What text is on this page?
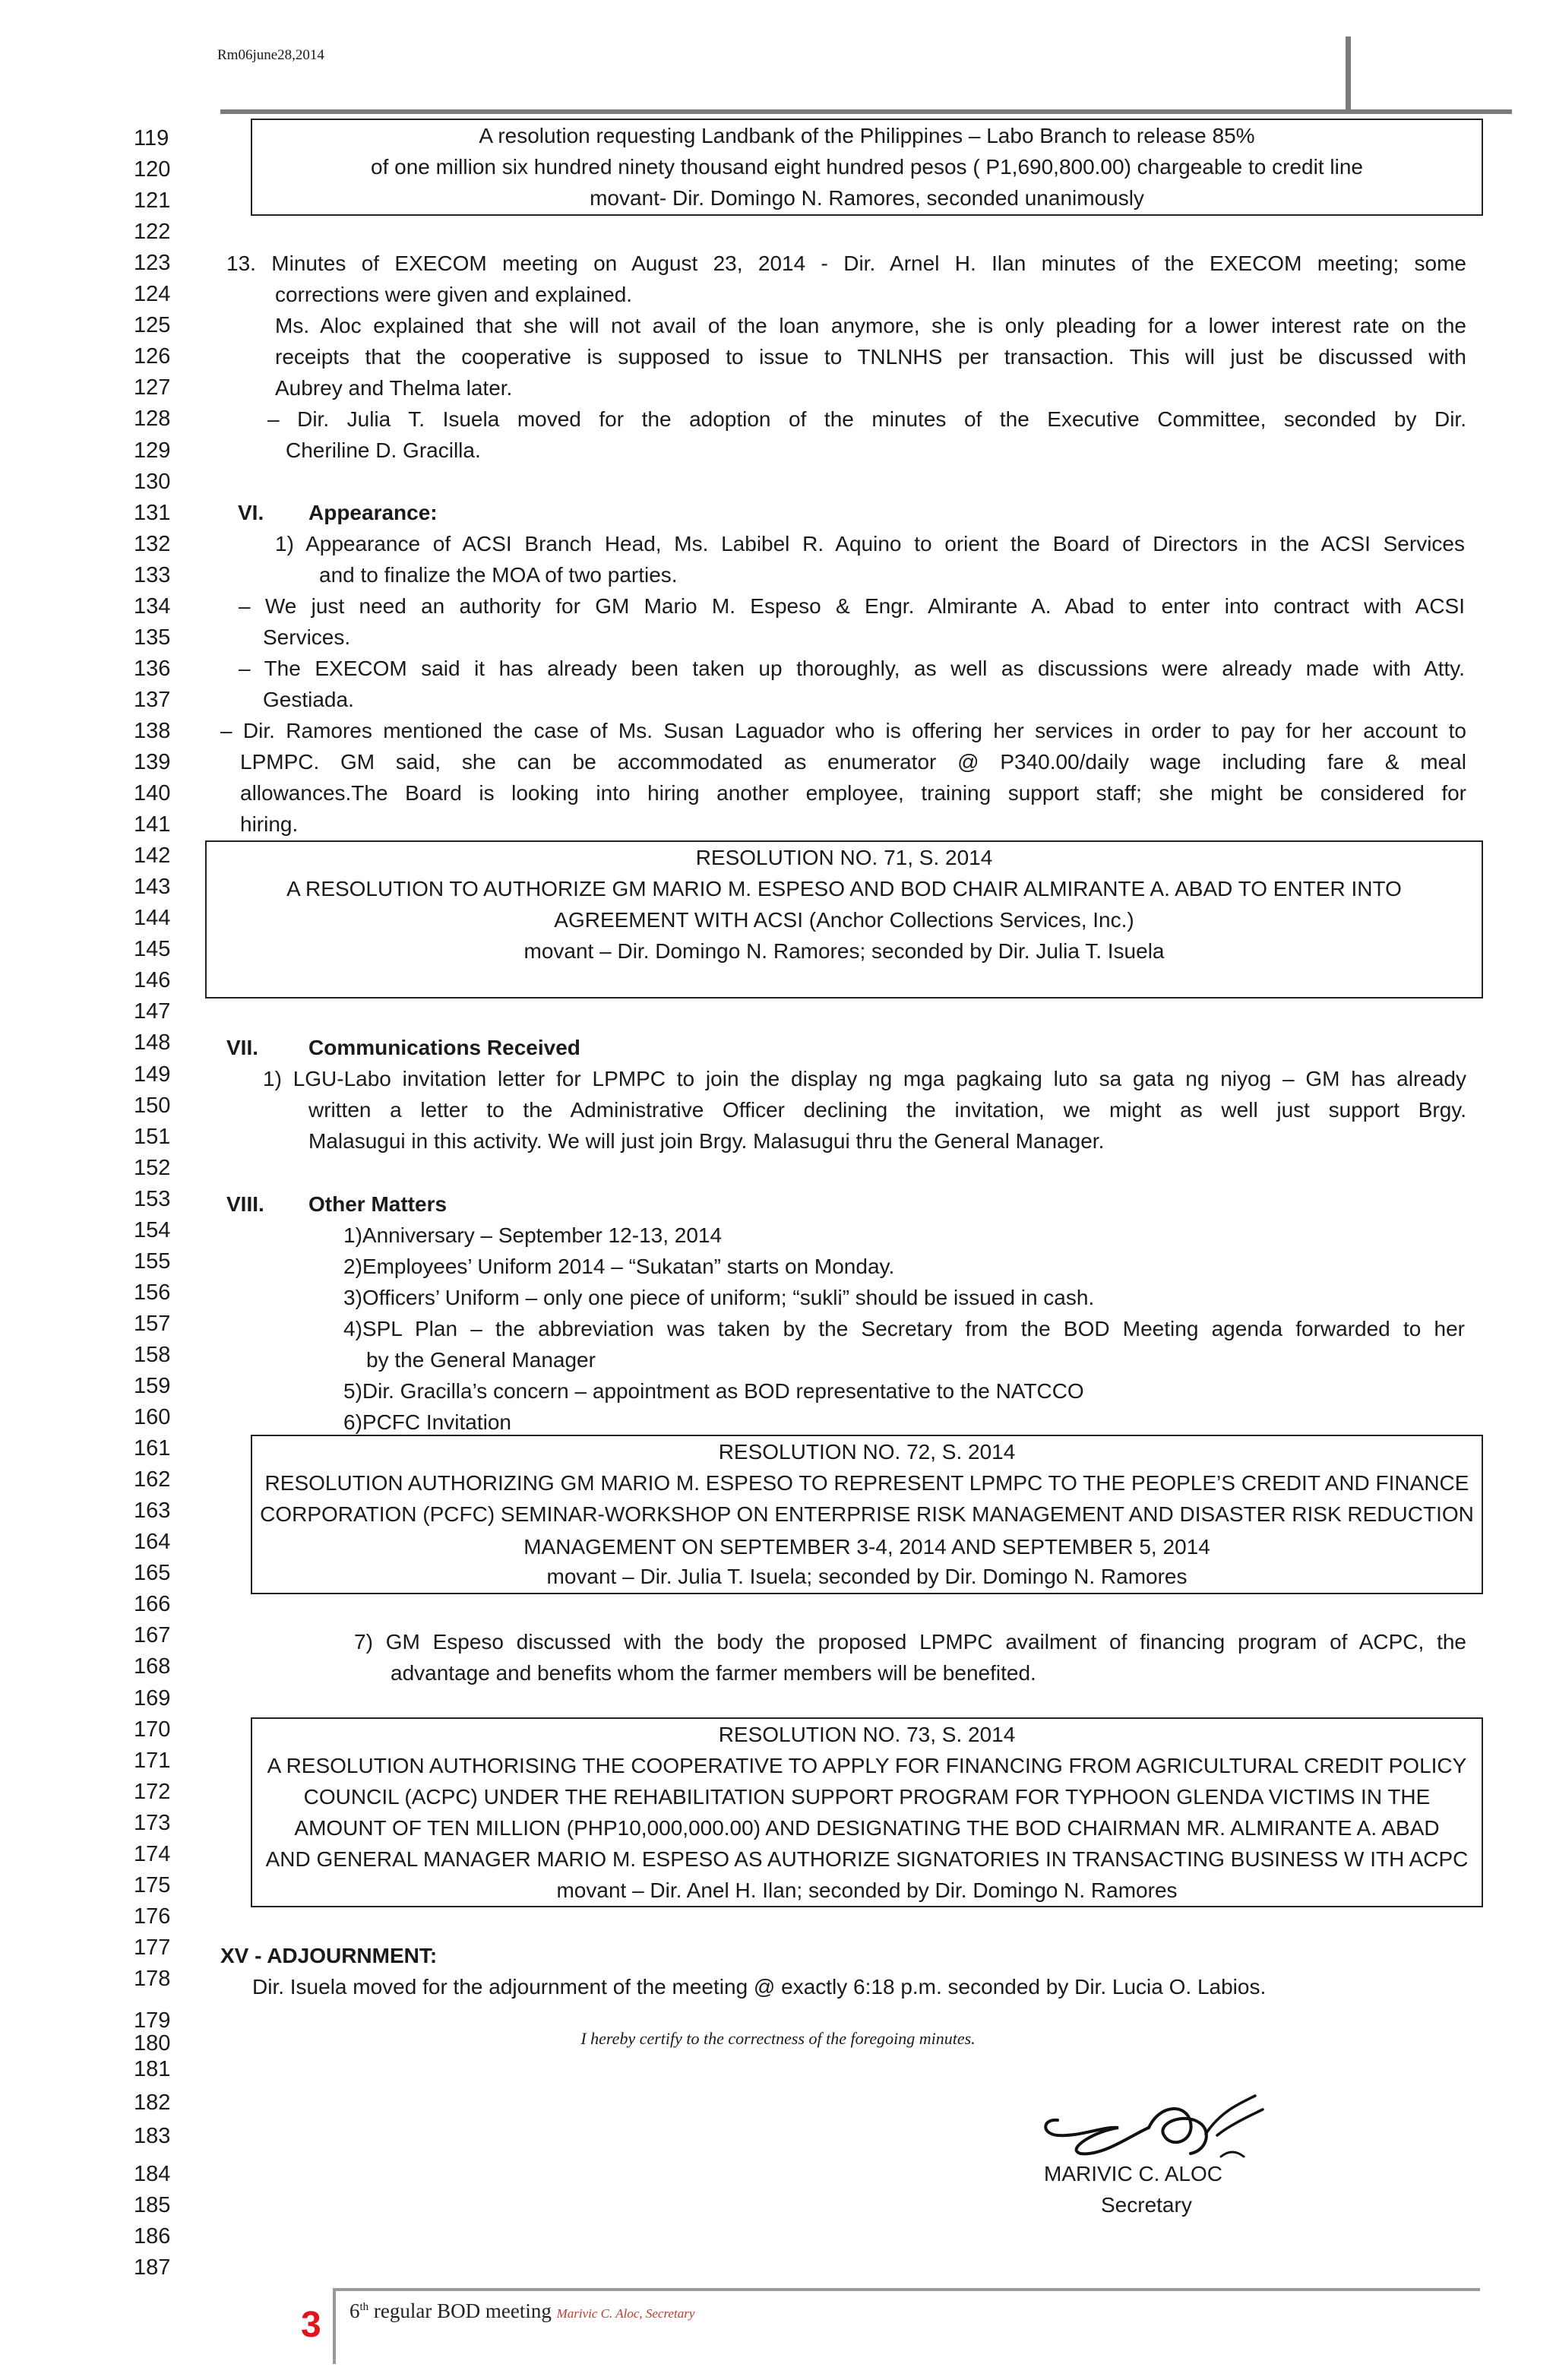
Rm06june28,2014
119
120
121
122
123
124
125
126
127
128
129
130
131
132
133
134
135
136
137
138
139
140
141
142
143
144
145
146
147
148
149
150
151
152
153
154
155
156
157
158
159
160
161
162
163
164
165
166
167
168
169
170
171
172
173
174
175
176
177
178
179
180
181
182
183
184
185
186
187
A resolution requesting Landbank of the Philippines – Labo Branch to release 85%
of one million six hundred ninety thousand eight hundred pesos ( P1,690,800.00) chargeable to credit line
movant- Dir. Domingo N. Ramores, seconded unanimously
13. Minutes of EXECOM meeting on August 23, 2014 - Dir. Arnel H. Ilan minutes of the EXECOM meeting; some
corrections were given and explained.
Ms. Aloc explained that she will not avail of the loan anymore, she is only pleading for a lower interest rate on the
receipts that the cooperative is supposed to issue to TNLNHS per transaction. This will just be discussed with
Aubrey and Thelma later.
– Dir. Julia T. Isuela moved for the adoption of the minutes of the Executive Committee, seconded by Dir.
Cheriline D. Gracilla.
VI. Appearance:
1) Appearance of ACSI Branch Head, Ms. Labibel R. Aquino to orient the Board of Directors in the ACSI Services
and to finalize the MOA of two parties.
– We just need an authority for GM Mario M. Espeso & Engr. Almirante A. Abad to enter into contract with ACSI
Services.
– The EXECOM said it has already been taken up thoroughly, as well as discussions were already made with Atty.
Gestiada.
– Dir. Ramores mentioned the case of Ms. Susan Laguador who is offering her services in order to pay for her account to
LPMPC. GM said, she can be accommodated as enumerator @ P340.00/daily wage including fare & meal
allowances.The Board is looking into hiring another employee, training support staff; she might be considered for
hiring.
RESOLUTION NO. 71, S. 2014
A RESOLUTION TO AUTHORIZE GM MARIO M. ESPESO AND BOD CHAIR ALMIRANTE A. ABAD TO ENTER INTO
AGREEMENT WITH ACSI (Anchor Collections Services, Inc.)
movant – Dir. Domingo N. Ramores; seconded by Dir. Julia T. Isuela
VII. Communications Received
1) LGU-Labo invitation letter for LPMPC to join the display ng mga pagkaing luto sa gata ng niyog – GM has already
written a letter to the Administrative Officer declining the invitation, we might as well just support Brgy.
Malasugui in this activity. We will just join Brgy. Malasugui thru the General Manager.
VIII. Other Matters
1)Anniversary – September 12-13, 2014
2)Employees’ Uniform 2014 – “Sukatan” starts on Monday.
3)Officers’ Uniform – only one piece of uniform; “sukli” should be issued in cash.
4)SPL Plan – the abbreviation was taken by the Secretary from the BOD Meeting agenda forwarded to her
by the General Manager
5)Dir. Gracilla’s concern – appointment as BOD representative to the NATCCO
6)PCFC Invitation
RESOLUTION NO. 72, S. 2014
RESOLUTION AUTHORIZING GM MARIO M. ESPESO TO REPRESENT LPMPC TO THE PEOPLE’S CREDIT AND FINANCE
CORPORATION (PCFC) SEMINAR-WORKSHOP ON ENTERPRISE RISK MANAGEMENT AND DISASTER RISK REDUCTION
MANAGEMENT ON SEPTEMBER 3-4, 2014 AND SEPTEMBER 5, 2014
movant – Dir. Julia T. Isuela; seconded by Dir. Domingo N. Ramores
7) GM Espeso discussed with the body the proposed LPMPC availment of financing program of ACPC, the
advantage and benefits whom the farmer members will be benefited.
RESOLUTION NO. 73, S. 2014
A RESOLUTION AUTHORISING THE COOPERATIVE TO APPLY FOR FINANCING FROM AGRICULTURAL CREDIT POLICY
COUNCIL (ACPC) UNDER THE REHABILITATION SUPPORT PROGRAM FOR TYPHOON GLENDA VICTIMS IN THE
AMOUNT OF TEN MILLION (PHP10,000,000.00) AND DESIGNATING THE BOD CHAIRMAN MR. ALMIRANTE A. ABAD
AND GENERAL MANAGER MARIO M. ESPESO AS AUTHORIZE SIGNATORIES IN TRANSACTING BUSINESS W ITH ACPC
movant – Dir. Anel H. Ilan; seconded by Dir. Domingo N. Ramores
XV - ADJOURNMENT:
Dir. Isuela moved for the adjournment of the meeting @ exactly 6:18 p.m. seconded by Dir. Lucia O. Labios.
I hereby certify to the correctness of the foregoing minutes.
MARIVIC C. ALOC
Secretary
3 6th regular BOD meeting Marivic C. Aloc, Secretary
